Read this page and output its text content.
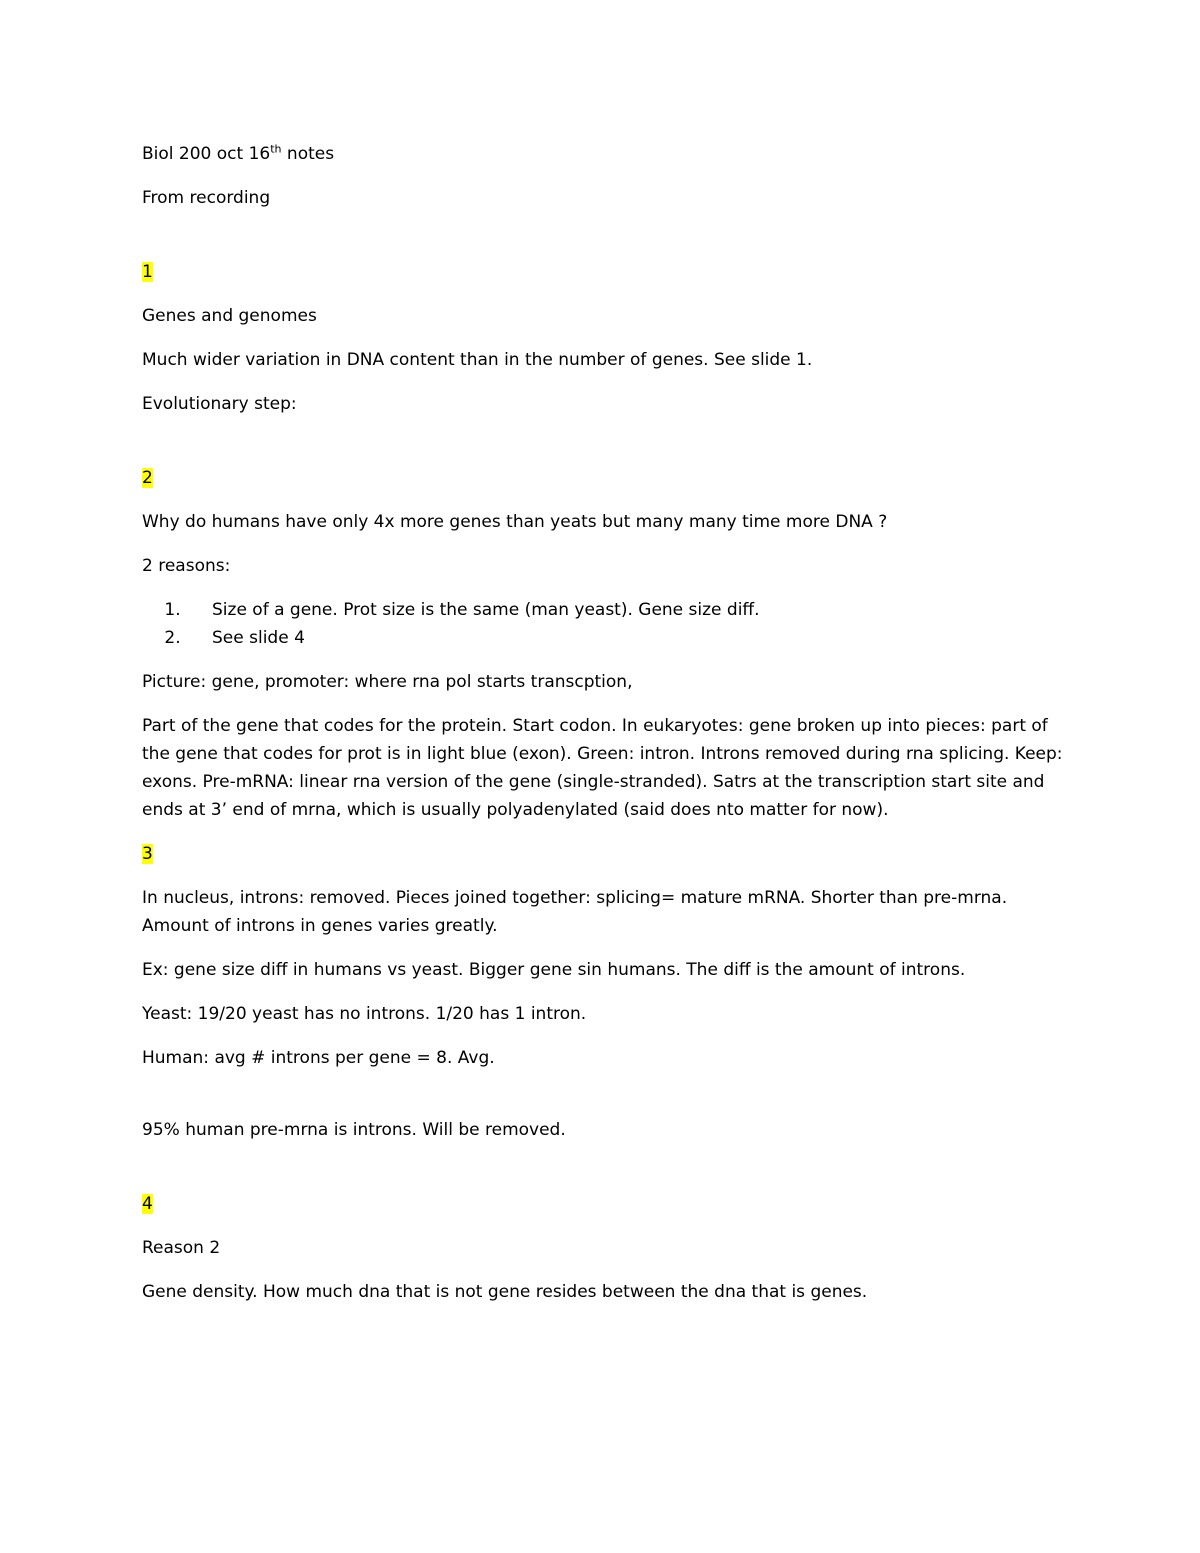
Biol 200 oct 16th notes

From recording

1

Genes and genomes

Much wider variation in DNA content than in the number of genes. See slide 1.

Evolutionary step:

2

Why do humans have only 4x more genes than yeats but many many time more DNA ?

2 reasons:

1. Size of a gene. Prot size is the same (man yeast). Gene size diff.
2. See slide 4

Picture: gene, promoter: where rna pol starts transcption,

Part of the gene that codes for the protein. Start codon. In eukaryotes: gene broken up into pieces: part of the gene that codes for prot is in light blue (exon). Green: intron. Introns removed during rna splicing. Keep: exons. Pre-mRNA: linear rna version of the gene (single-stranded). Satrs at the transcription start site and ends at 3’ end of mrna, which is usually polyadenylated (said does nto matter for now).

3

In nucleus, introns: removed. Pieces joined together: splicing= mature mRNA. Shorter than pre-mrna. Amount of introns in genes varies greatly.

Ex: gene size diff in humans vs yeast. Bigger gene sin humans. The diff is the amount of introns.

Yeast: 19/20 yeast has no introns. 1/20 has 1 intron.

Human: avg # introns per gene = 8. Avg.

95% human pre-mrna is introns. Will be removed.

4

Reason 2

Gene density. How much dna that is not gene resides between the dna that is genes.
